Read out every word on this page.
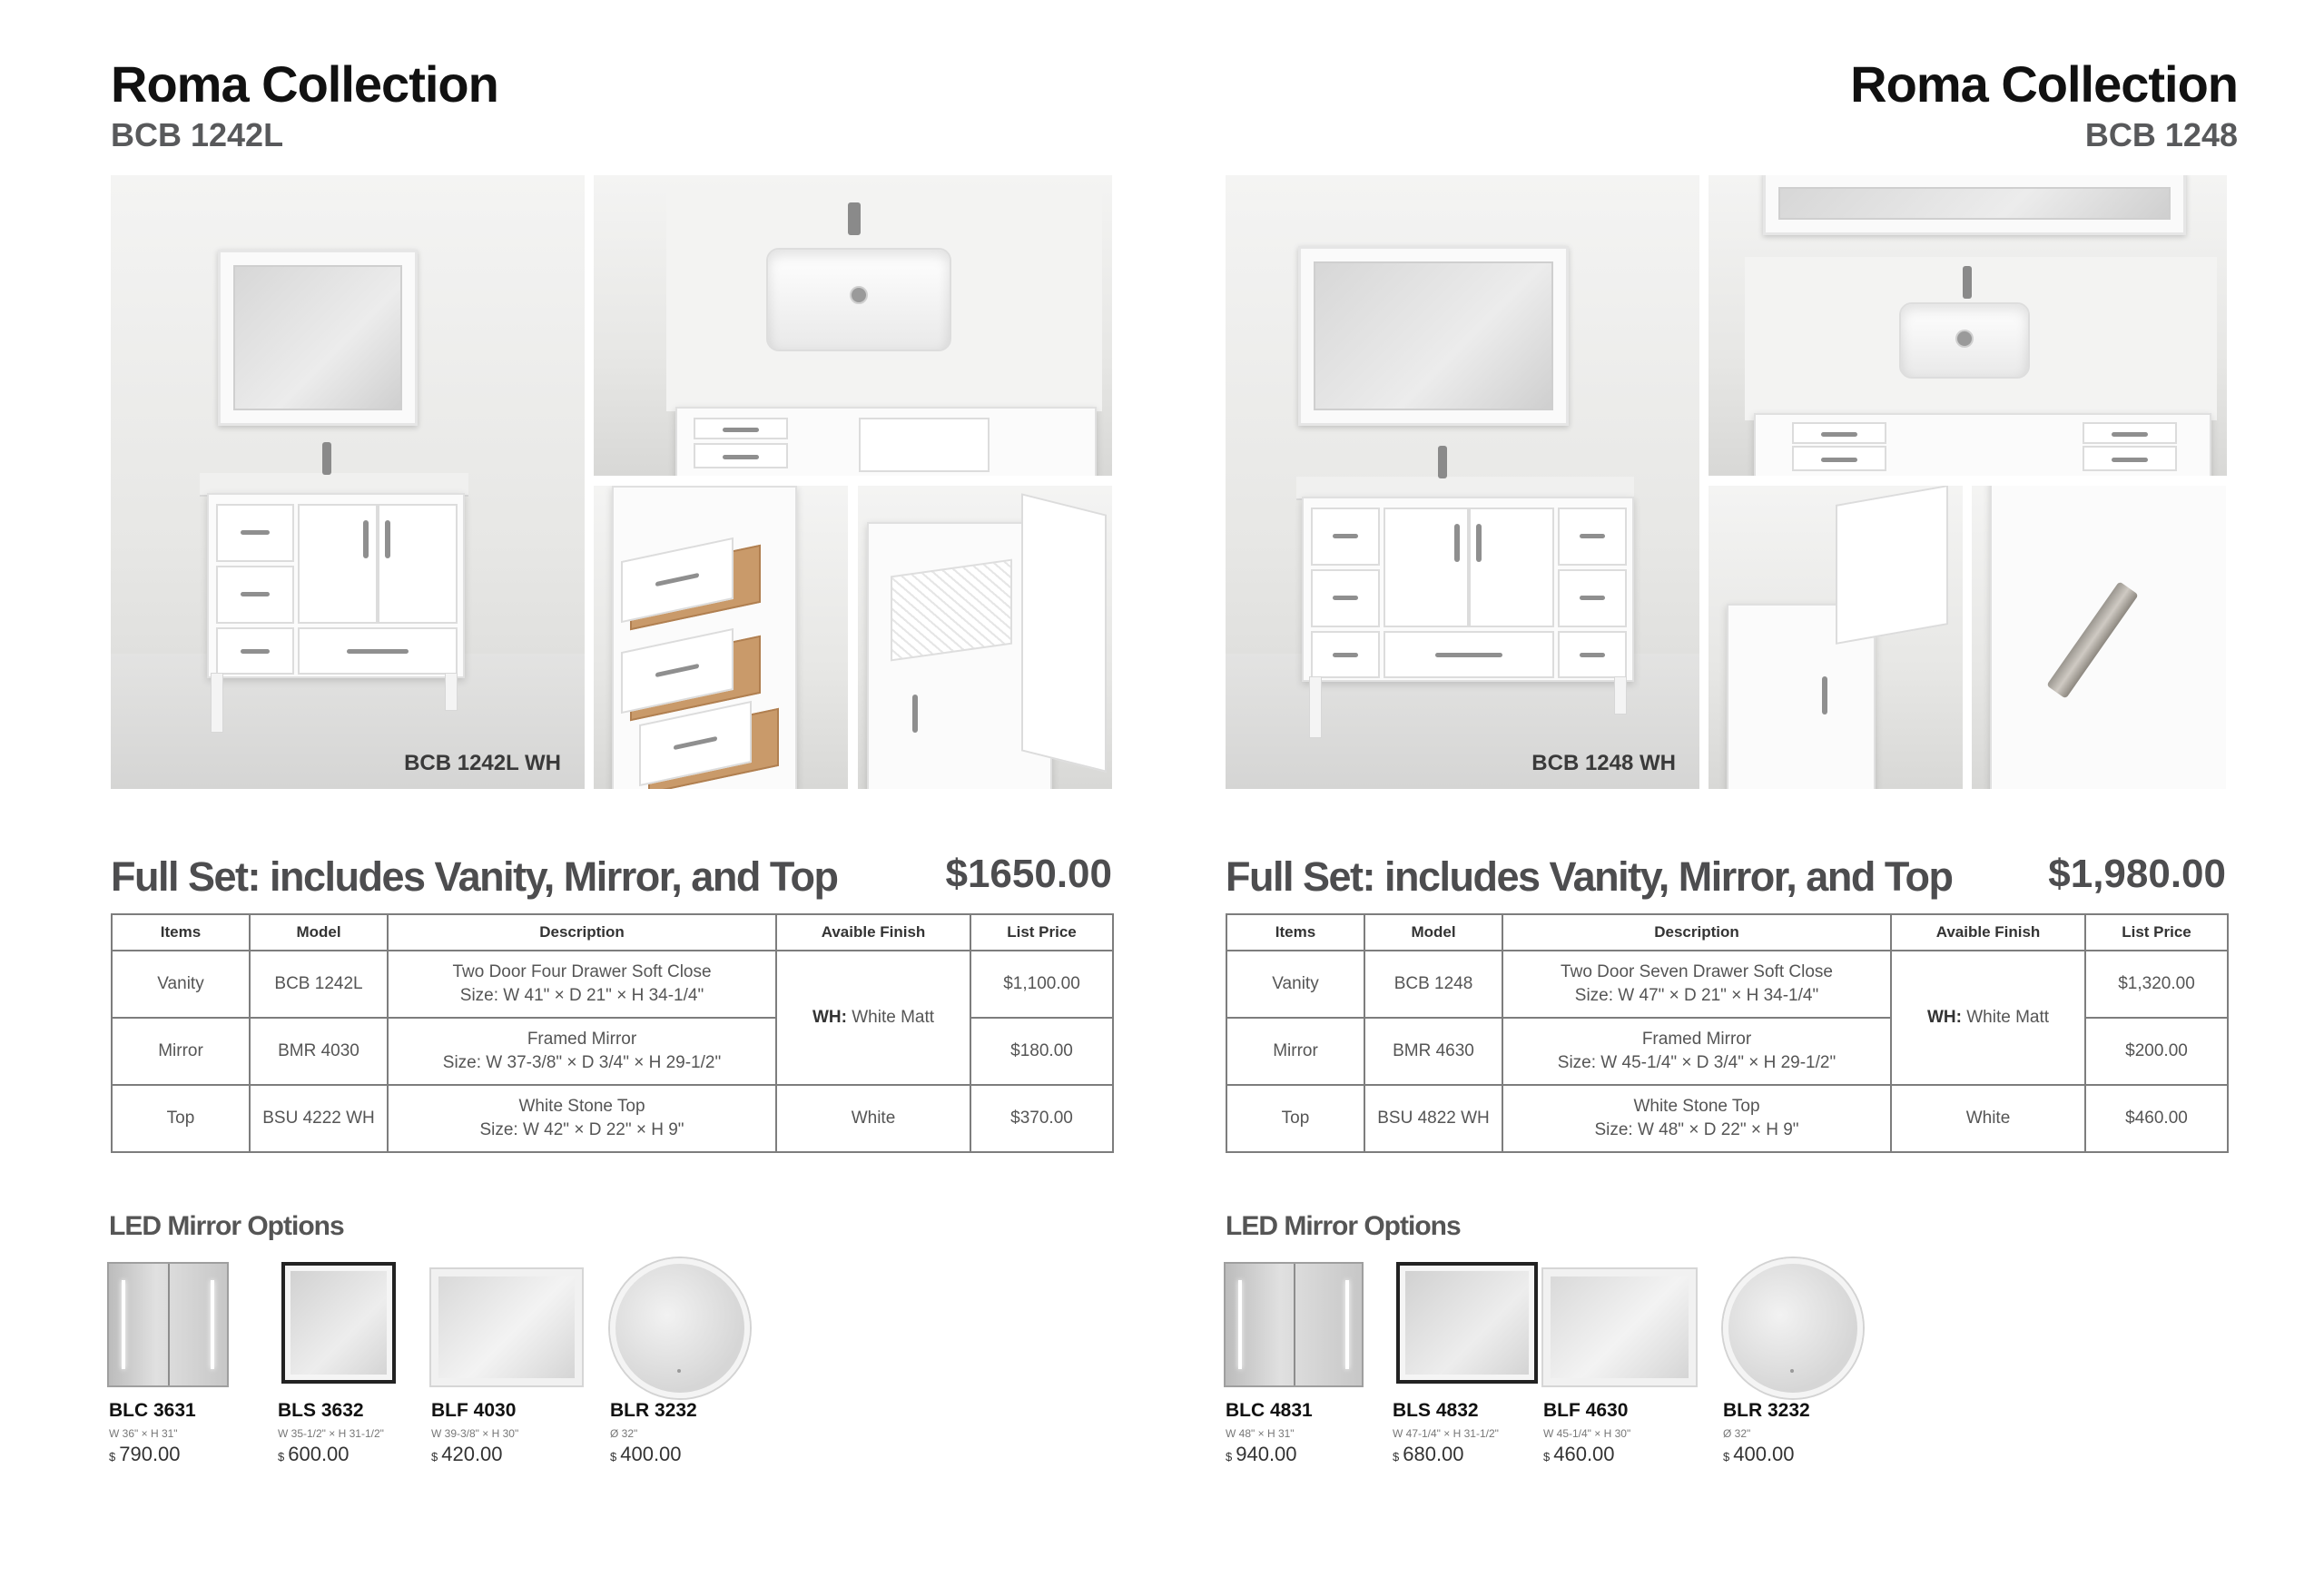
Roma Collection
BCB 1242L
BCB 1242L WH
Full Set: includes Vanity, Mirror, and Top	$1650.00
Items	Model	Description	Avaible Finish	List Price
Vanity	BCB 1242L	Two Door Four Drawer Soft Close
Size: W 41" × D 21" × H 34-1/4"	WH: White Matt	$1,100.00
Mirror	BMR 4030	Framed Mirror
Size: W 37-3/8" × D 3/4" × H 29-1/2"		$180.00
Top	BSU 4222 WH	White Stone Top
Size: W 42" × D 22" × H 9"	White	$370.00
LED Mirror Options
BLC 3631
W 36" × H 31"
$ 790.00
BLS 3632
W 35-1/2" × H 31-1/2"
$ 600.00
BLF 4030
W 39-3/8" × H 30"
$ 420.00
BLR 3232
Ø 32"
$ 400.00
Roma Collection
BCB 1248
BCB 1248 WH
Full Set: includes Vanity, Mirror, and Top $1,980.00
Items	Model	Description	Avaible Finish	List Price
Vanity	BCB 1248	Two Door Seven Drawer Soft Close
Size: W 47" × D 21" × H 34-1/4"	WH: White Matt	$1,320.00
Mirror	BMR 4630	Framed Mirror
Size: W 45-1/4" × D 3/4" × H 29-1/2"		$200.00
Top	BSU 4822 WH	White Stone Top
Size: W 48" × D 22" × H 9"	White	$460.00
LED Mirror Options
BLC 4831
W 48" × H 31"
$ 940.00
BLS 4832
W 47-1/4" × H 31-1/2"
$ 680.00
BLF 4630
W 45-1/4" × H 30"
$ 460.00
BLR 3232
Ø 32"
$ 400.00
